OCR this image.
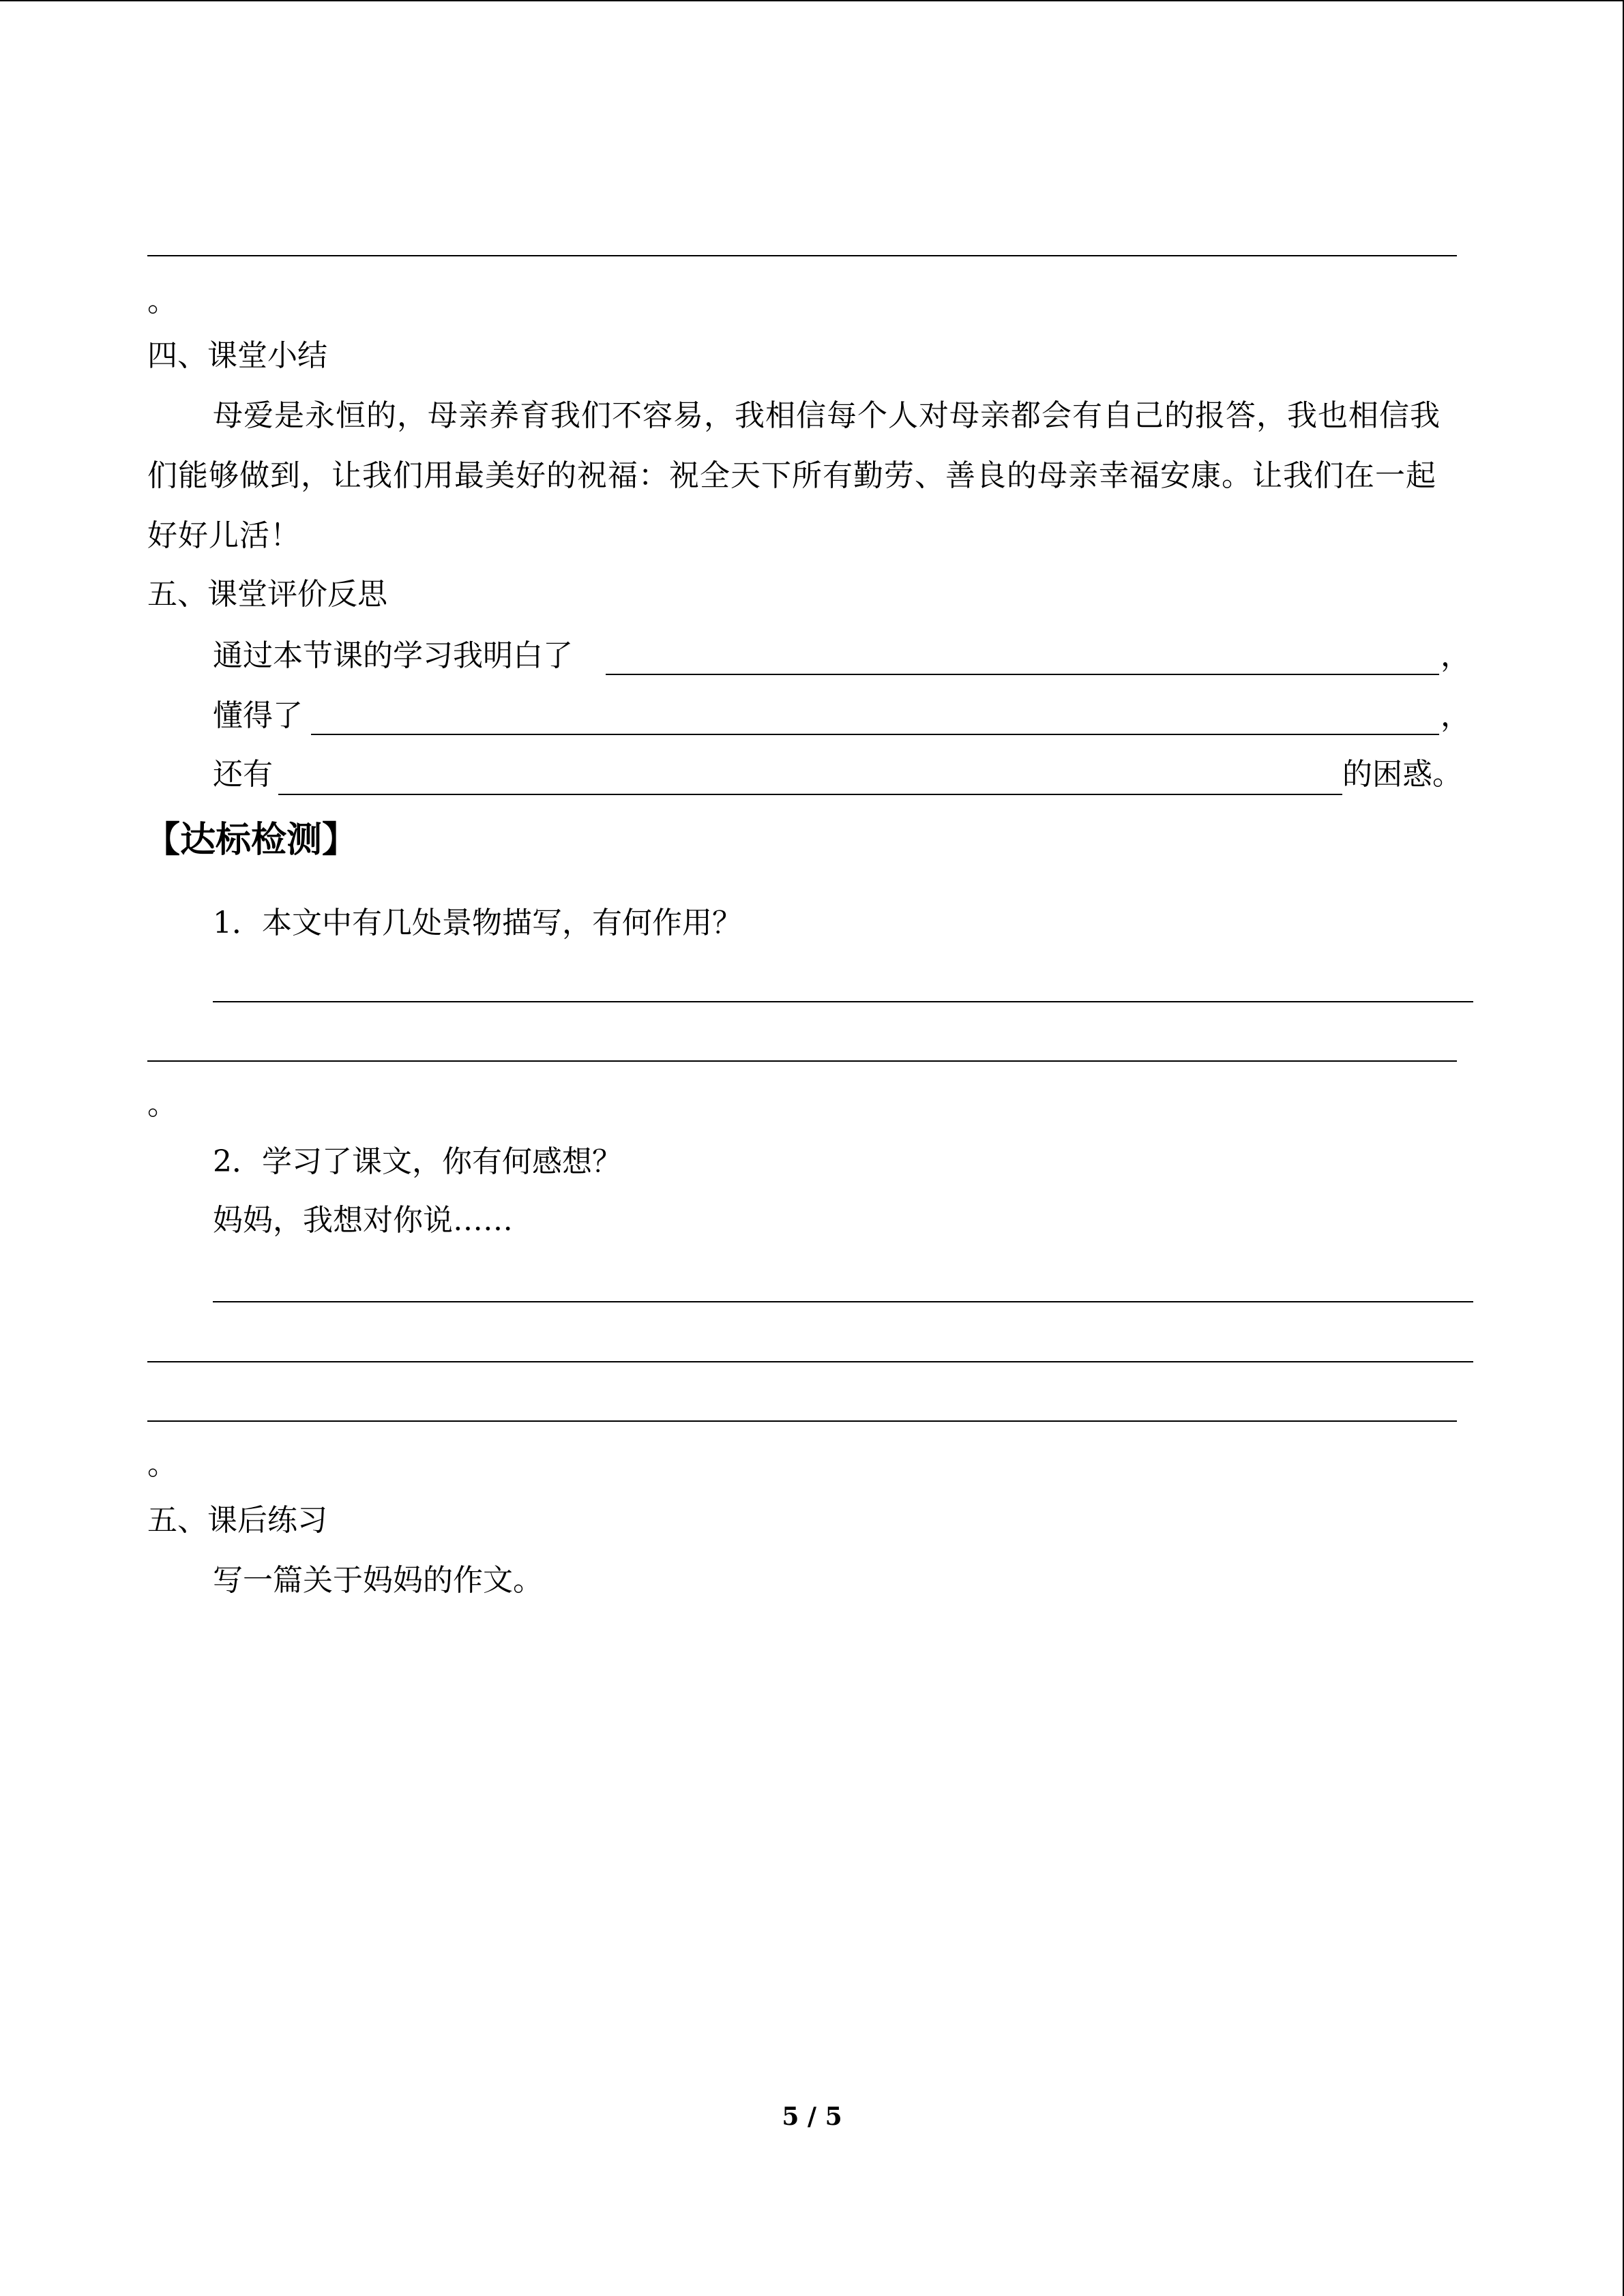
。
四、课堂小结
母爱是永恒的，母亲养育我们不容易，我相信每个人对母亲都会有自己的报答，我也相信我们能够做到，让我们用最美好的祝福：祝全天下所有勤劳、善良的母亲幸福安康。让我们在一起好好儿活！
五、课堂评价反思
通过本节课的学习我明白了	，
懂得了	，
还有	的困惑。
【达标检测】
1．本文中有几处景物描写，有何作用？
。
2．学习了课文，你有何感想？
妈妈，我想对你说……
。
五、课后练习
写一篇关于妈妈的作文。
5 / 5
